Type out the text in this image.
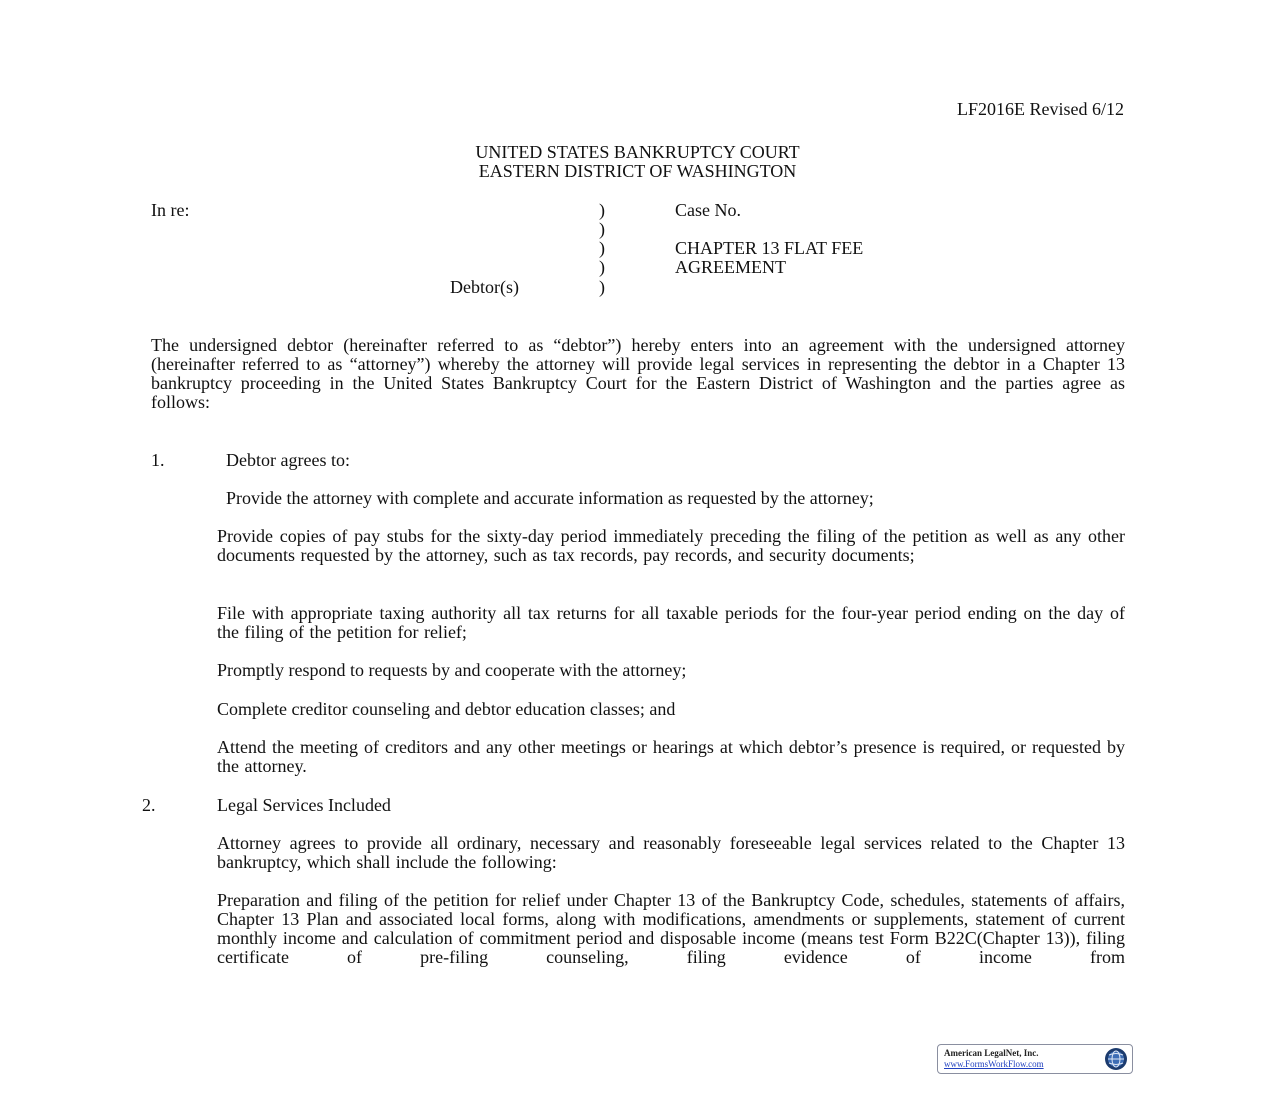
LF2016E Revised 6/12
UNITED STATES BANKRUPTCY COURT
EASTERN DISTRICT OF WASHINGTON
In re:
Debtor(s)
)
)
)
)
)
Case No.
CHAPTER 13 FLAT FEE
AGREEMENT
The undersigned debtor (hereinafter referred to as “debtor”) hereby enters into an agreement with the undersigned attorney (hereinafter referred to as “attorney”) whereby the attorney will provide legal services in representing the debtor in a Chapter 13 bankruptcy proceeding in the United States Bankruptcy Court for the Eastern District of Washington and the parties agree as follows:
1.	Debtor agrees to:
Provide the attorney with complete and accurate information as requested by the attorney;
Provide copies of pay stubs for the sixty-day period immediately preceding the filing of the petition as well as any other documents requested by the attorney, such as tax records, pay records, and security documents;
File with appropriate taxing authority all tax returns for all taxable periods for the four-year period ending on the day of the filing of the petition for relief;
Promptly respond to requests by and cooperate with the attorney;
Complete creditor counseling and debtor education classes; and
Attend the meeting of creditors and any other meetings or hearings at which debtor’s presence is required, or requested by the attorney.
2.	Legal Services Included
Attorney agrees to provide all ordinary, necessary and reasonably foreseeable legal services related to the Chapter 13 bankruptcy, which shall include the following:
Preparation and filing of the petition for relief under Chapter 13 of the Bankruptcy Code, schedules, statements of affairs, Chapter 13 Plan and associated local forms, along with modifications, amendments or supplements, statement of current monthly income and calculation of commitment period and disposable income (means test Form B22C(Chapter 13)), filing certificate of pre-filing counseling, filing evidence of income from
American LegalNet, Inc.
www.FormsWorkFlow.com
